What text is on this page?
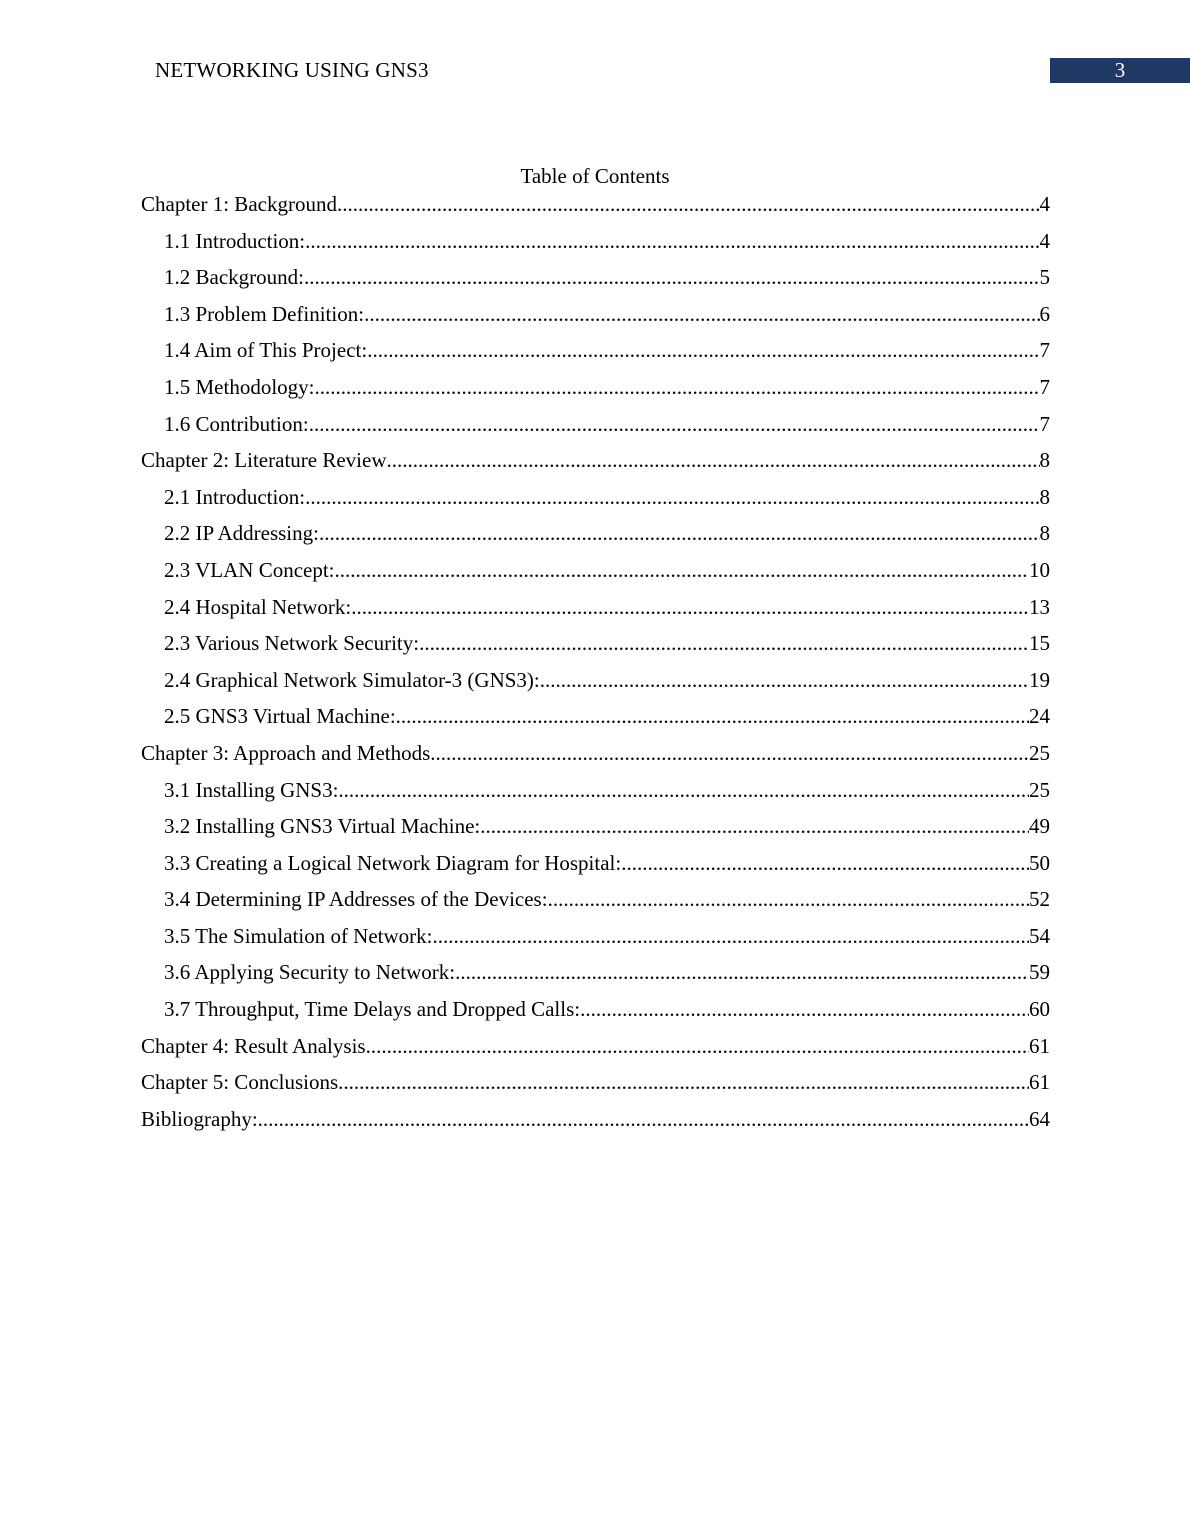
NETWORKING USING GNS3	3
Table of Contents
Chapter 1: Background .....	4
1.1 Introduction: .....	4
1.2 Background: .....	5
1.3 Problem Definition: .....	6
1.4 Aim of This Project: .....	7
1.5 Methodology: .....	7
1.6 Contribution: .....	7
Chapter 2: Literature Review .....	8
2.1 Introduction: .....	8
2.2 IP Addressing: .....	8
2.3 VLAN Concept: .....	10
2.4 Hospital Network: .....	13
2.3 Various Network Security: .....	15
2.4 Graphical Network Simulator-3 (GNS3): .....	19
2.5 GNS3 Virtual Machine: .....	24
Chapter 3: Approach and Methods .....	25
3.1 Installing GNS3: .....	25
3.2 Installing GNS3 Virtual Machine: .....	49
3.3 Creating a Logical Network Diagram for Hospital: .....	50
3.4 Determining IP Addresses of the Devices: .....	52
3.5 The Simulation of Network: .....	54
3.6 Applying Security to Network: .....	59
3.7 Throughput, Time Delays and Dropped Calls: .....	60
Chapter 4: Result Analysis .....	61
Chapter 5: Conclusions .....	61
Bibliography: .....	64
